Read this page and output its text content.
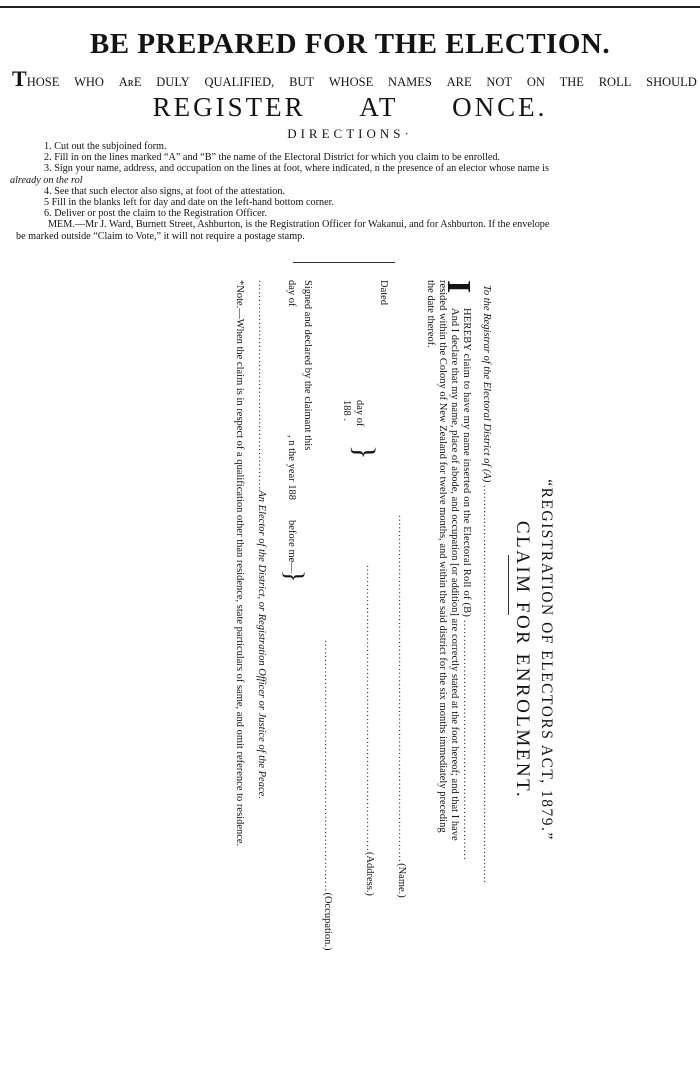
BE PREPARED FOR THE ELECTION.
THOSE WHO AʀE DULY QUALIFIED, BUT WHOSE NAMES ARE NOT ON THE ROLL SHOULD
REGISTER AT ONCE.
DIRECTIONS·
1. Cut out the subjoined form.
2. Fill in on the lines marked “A” and “B” the name of the Electoral District for which you claim to be enrolled.
3. Sign your name, address, and occupation on the lines at foot, where indicated, n the presence of an elector whose name is
already on the rol
4. See that such elector also signs, at foot of the attestation.
5 Fill in the blanks left for day and date on the left-hand bottom corner.
6. Deliver or post the claim to the Registration Officer.
MEM.—Mr J. Ward, Burnett Street, Ashburton, is the Registration Officer for Wakanui, and for Ashburton. If the envelope
be marked outside “Claim to Vote,” it will not require a postage stamp.
“REGISTRATION OF ELECTORS ACT, 1879.”
CLAIM FOR ENROLMENT.
To the Registrar of the Electoral District of (A) ..............................................................................................................
I
HEREBY claim to have my name inserted on the Electoral Roll of (B) ...............................................................
And I declare that my name, place of abode, and occupation [or addition] are correctly stated at the foot hereof; and that I have
resided within the Colony of New Zealand for twelve months, and within the said district for the six months immediately preceding
the date thereof.
...........................................................................................(Name.)
Dated
day of
188 .
}
...........................................................................(Address.)
..................................................................(Occupation.)
Signed and declared by the claimant this
day of
, n the year 188
before me—
}
.......................................................An Elector of the District, or Registration Officer or Justice of the Peace.
*Note.—When the claim is in respect of a qualification other than residence, state particulars of same, and omit reference to residence.
